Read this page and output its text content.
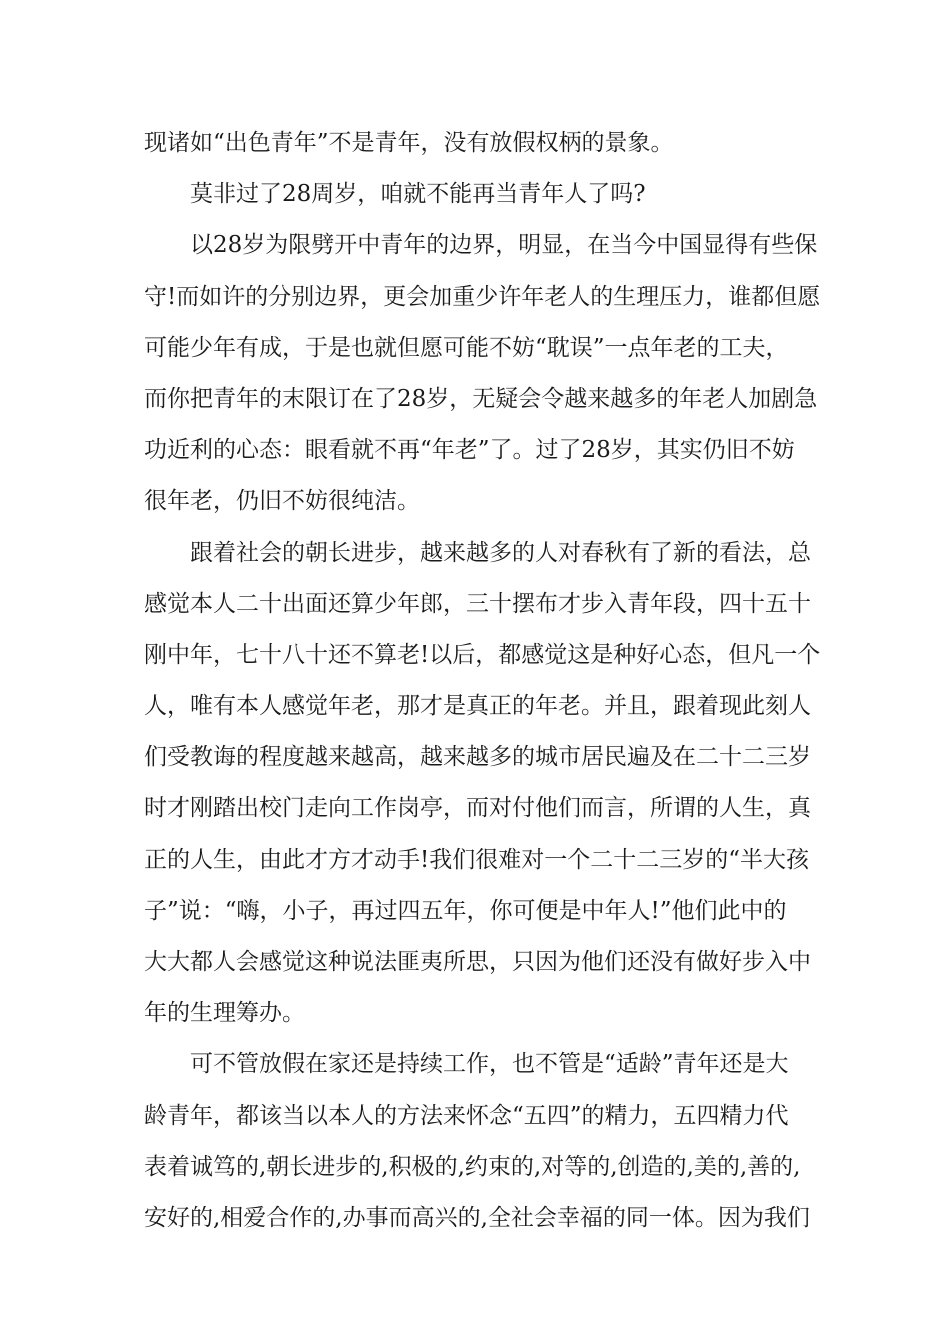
现诸如“出色青年”不是青年，没有放假权柄的景象。
莫非过了28周岁，咱就不能再当青年人了吗?
以28岁为限劈开中青年的边界，明显，在当今中国显得有些保
守!而如许的分别边界，更会加重少许年老人的生理压力，谁都但愿
可能少年有成，于是也就但愿可能不妨“耽误”一点年老的工夫，
而你把青年的末限订在了28岁，无疑会令越来越多的年老人加剧急
功近利的心态：眼看就不再“年老”了。过了28岁，其实仍旧不妨
很年老，仍旧不妨很纯洁。
跟着社会的朝长进步，越来越多的人对春秋有了新的看法，总
感觉本人二十出面还算少年郎，三十摆布才步入青年段，四十五十
刚中年，七十八十还不算老!以后，都感觉这是种好心态，但凡一个
人，唯有本人感觉年老，那才是真正的年老。并且，跟着现此刻人
们受教诲的程度越来越高，越来越多的城市居民遍及在二十二三岁
时才刚踏出校门走向工作岗亭，而对付他们而言，所谓的人生，真
正的人生，由此才方才动手!我们很难对一个二十二三岁的“半大孩
子”说：“嗨，小子，再过四五年，你可便是中年人!”他们此中的
大大都人会感觉这种说法匪夷所思，只因为他们还没有做好步入中
年的生理筹办。
可不管放假在家还是持续工作，也不管是“适龄”青年还是大
龄青年，都该当以本人的方法来怀念“五四”的精力，五四精力代
表着诚笃的,朝长进步的,积极的,约束的,对等的,创造的,美的,善的,
安好的,相爱合作的,办事而高兴的,全社会幸福的同一体。因为我们
